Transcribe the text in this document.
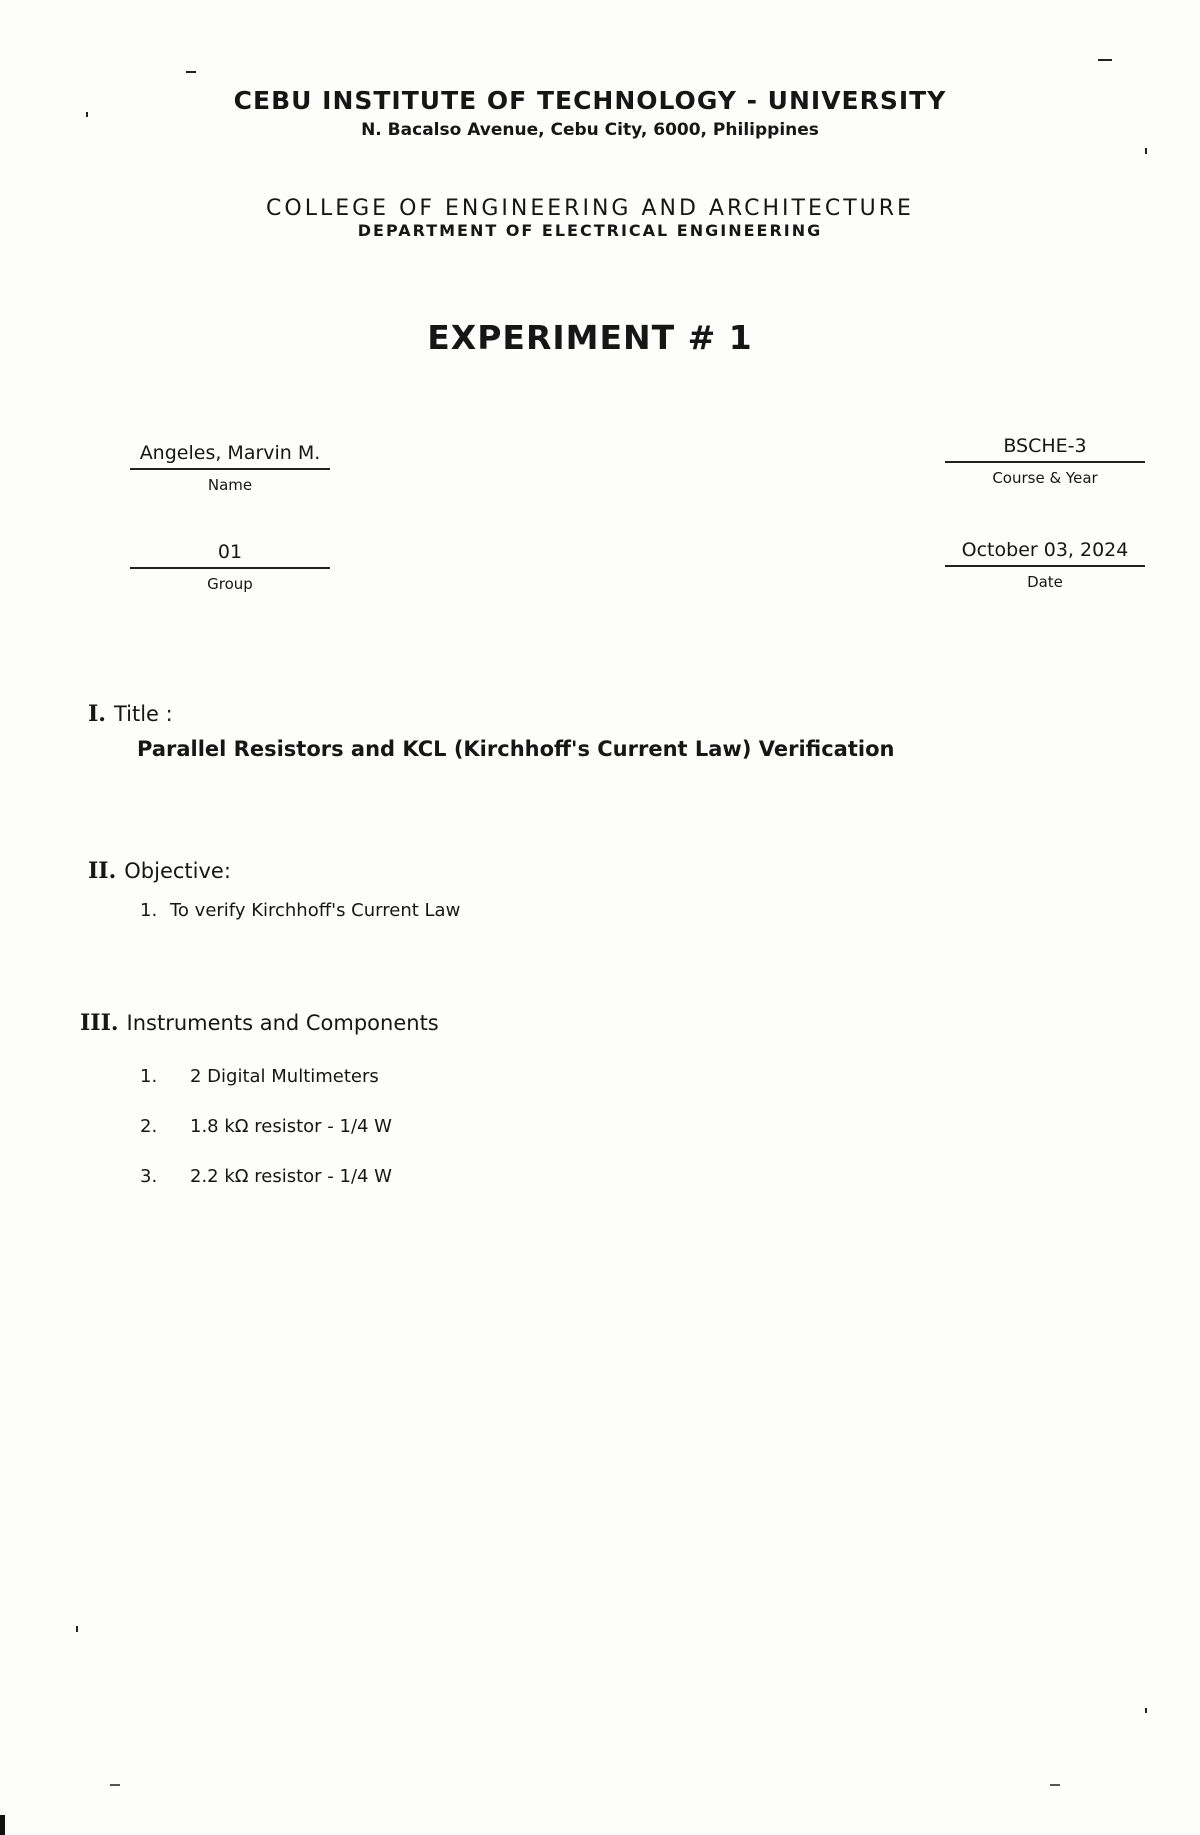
CEBU INSTITUTE OF TECHNOLOGY - UNIVERSITY
N. Bacalso Avenue, Cebu City, 6000, Philippines
COLLEGE OF ENGINEERING AND ARCHITECTURE
DEPARTMENT OF ELECTRICAL ENGINEERING
EXPERIMENT # 1
Angeles, Marvin M.
Name
BSCHE-3
Course & Year
01
Group
October 03, 2024
Date
I. Title :
Parallel Resistors and KCL (Kirchhoff's Current Law) Verification
II. Objective:
1. To verify Kirchhoff's Current Law
III. Instruments and Components
1. 2 Digital Multimeters
2. 1.8 kΩ resistor - 1/4 W
3. 2.2 kΩ resistor - 1/4 W
